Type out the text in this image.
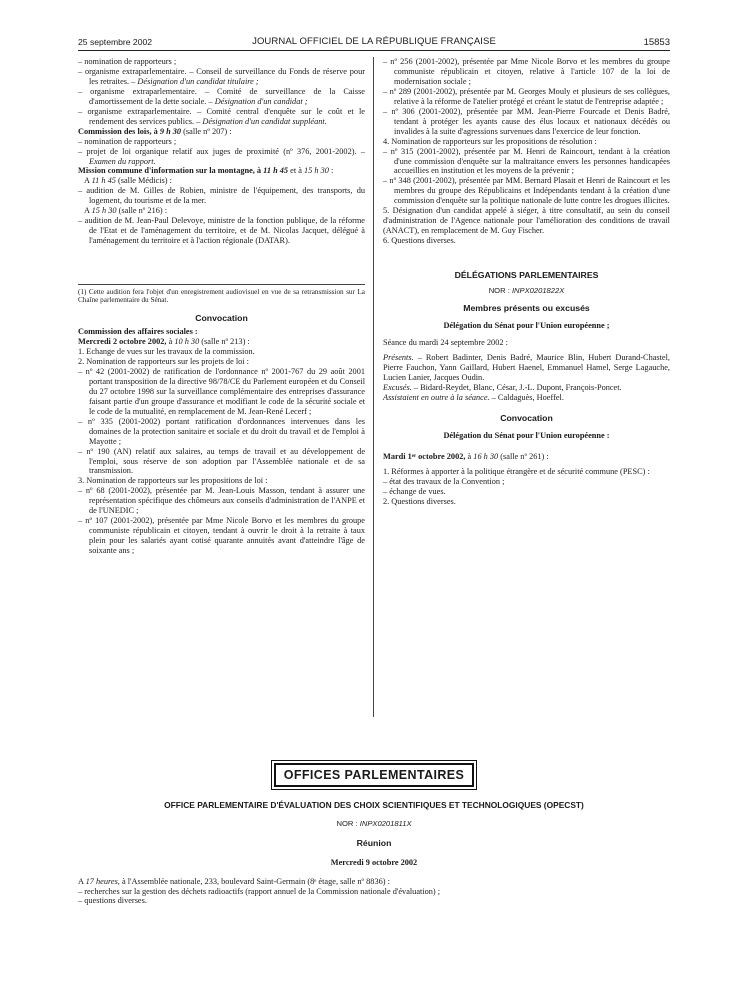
25 septembre 2002	JOURNAL OFFICIEL DE LA RÉPUBLIQUE FRANÇAISE	15853

– nomination de rapporteurs ;

– organisme extraparlementaire. – Conseil de surveillance du Fonds de réserve pour les retraites. – Désignation d'un candidat titulaire ;

– organisme extraparlementaire. – Comité de surveillance de la Caisse d'amortissement de la dette sociale. – Désignation d'un candidat ;

– organisme extraparlementaire. – Comité central d'enquête sur le coût et le rendement des services publics. – Désignation d'un candidat suppléant.

Commission des lois, à 9 h 30 (salle nº 207) :

– nomination de rapporteurs ;

– projet de loi organique relatif aux juges de proximité (nº 376, 2001-2002). – Examen du rapport.

Mission commune d'information sur la montagne, à 11 h 45 et à 15 h 30 :

A 11 h 45 (salle Médicis) :

– audition de M. Gilles de Robien, ministre de l'équipement, des transports, du logement, du tourisme et de la mer.

A 15 h 30 (salle nº 216) :

– audition de M. Jean-Paul Delevoye, ministre de la fonction publique, de la réforme de l'Etat et de l'aménagement du territoire, et de M. Nicolas Jacquet, délégué à l'aménagement du territoire et à l'action régionale (DATAR).

(1) Cette audition fera l'objet d'un enregistrement audiovisuel en vue de sa retransmission sur La Chaîne parlementaire du Sénat.

Convocation

Commission des affaires sociales :

Mercredi 2 octobre 2002, à 10 h 30 (salle nº 213) :

1. Echange de vues sur les travaux de la commission.

2. Nomination de rapporteurs sur les projets de loi :

– nº 42 (2001-2002) de ratification de l'ordonnance nº 2001-767 du 29 août 2001 portant transposition de la directive 98/78/CE du Parlement européen et du Conseil du 27 octobre 1998 sur la surveillance complémentaire des entreprises d'assurance faisant partie d'un groupe d'assurance et modifiant le code de la sécurité sociale et le code de la mutualité, en remplacement de M. Jean-René Lecerf ;

– nº 335 (2001-2002) portant ratification d'ordonnances intervenues dans les domaines de la protection sanitaire et sociale et du droit du travail et de l'emploi à Mayotte ;

– nº 190 (AN) relatif aux salaires, au temps de travail et au développement de l'emploi, sous réserve de son adoption par l'Assemblée nationale et de sa transmission.

3. Nomination de rapporteurs sur les propositions de loi :

– nº 68 (2001-2002), présentée par M. Jean-Louis Masson, tendant à assurer une représentation spécifique des chômeurs aux conseils d'administration de l'ANPE et de l'UNEDIC ;

– nº 107 (2001-2002), présentée par Mme Nicole Borvo et les membres du groupe communiste républicain et citoyen, tendant à ouvrir le droit à la retraite à taux plein pour les salariés ayant cotisé quarante annuités avant d'atteindre l'âge de soixante ans ;

– nº 256 (2001-2002), présentée par Mme Nicole Borvo et les membres du groupe communiste républicain et citoyen, relative à l'article 107 de la loi de modernisation sociale ;

– nº 289 (2001-2002), présentée par M. Georges Mouly et plusieurs de ses collègues, relative à la réforme de l'atelier protégé et créant le statut de l'entreprise adaptée ;

– nº 306 (2001-2002), présentée par MM. Jean-Pierre Fourcade et Denis Badré, tendant à protéger les ayants cause des élus locaux et nationaux décédés ou invalides à la suite d'agressions survenues dans l'exercice de leur fonction.

4. Nomination de rapporteurs sur les propositions de résolution :

– nº 315 (2001-2002), présentée par M. Henri de Raincourt, tendant à la création d'une commission d'enquête sur la maltraitance envers les personnes handicapées accueillies en institution et les moyens de la prévenir ;

– nº 348 (2001-2002), présentée par MM. Bernard Plasait et Henri de Raincourt et les membres du groupe des Républicains et Indépendants tendant à la création d'une commission d'enquête sur la politique nationale de lutte contre les drogues illicites.

5. Désignation d'un candidat appelé à siéger, à titre consultatif, au sein du conseil d'administration de l'Agence nationale pour l'amélioration des conditions de travail (ANACT), en remplacement de M. Guy Fischer.

6. Questions diverses.

DÉLÉGATIONS PARLEMENTAIRES

NOR : INPX0201822X

Membres présents ou excusés

Délégation du Sénat pour l'Union européenne ;

Séance du mardi 24 septembre 2002 :

Présents. – Robert Badinter, Denis Badré, Maurice Blin, Hubert Durand-Chastel, Pierre Fauchon, Yann Gaillard, Hubert Haenel, Emmanuel Hamel, Serge Lagauche, Lucien Lanier, Jacques Oudin.

Excusés. – Bidard-Reydet, Blanc, César, J.-L. Dupont, François-Poncet.

Assistaient en outre à la séance. – Caldaguès, Hoeffel.

Convocation

Délégation du Sénat pour l'Union européenne :

Mardi 1ᵉʳ octobre 2002, à 16 h 30 (salle nº 261) :

1. Réformes à apporter à la politique étrangère et de sécurité commune (PESC) :

– état des travaux de la Convention ;

– échange de vues.

2. Questions diverses.

OFFICES PARLEMENTAIRES

OFFICE PARLEMENTAIRE D'ÉVALUATION DES CHOIX SCIENTIFIQUES ET TECHNOLOGIQUES (OPECST)

NOR : INPX0201811X

Réunion

Mercredi 9 octobre 2002

A 17 heures, à l'Assemblée nationale, 233, boulevard Saint-Germain (8ᵉ étage, salle nº 8836) :

– recherches sur la gestion des déchets radioactifs (rapport annuel de la Commission nationale d'évaluation) ;

– questions diverses.
